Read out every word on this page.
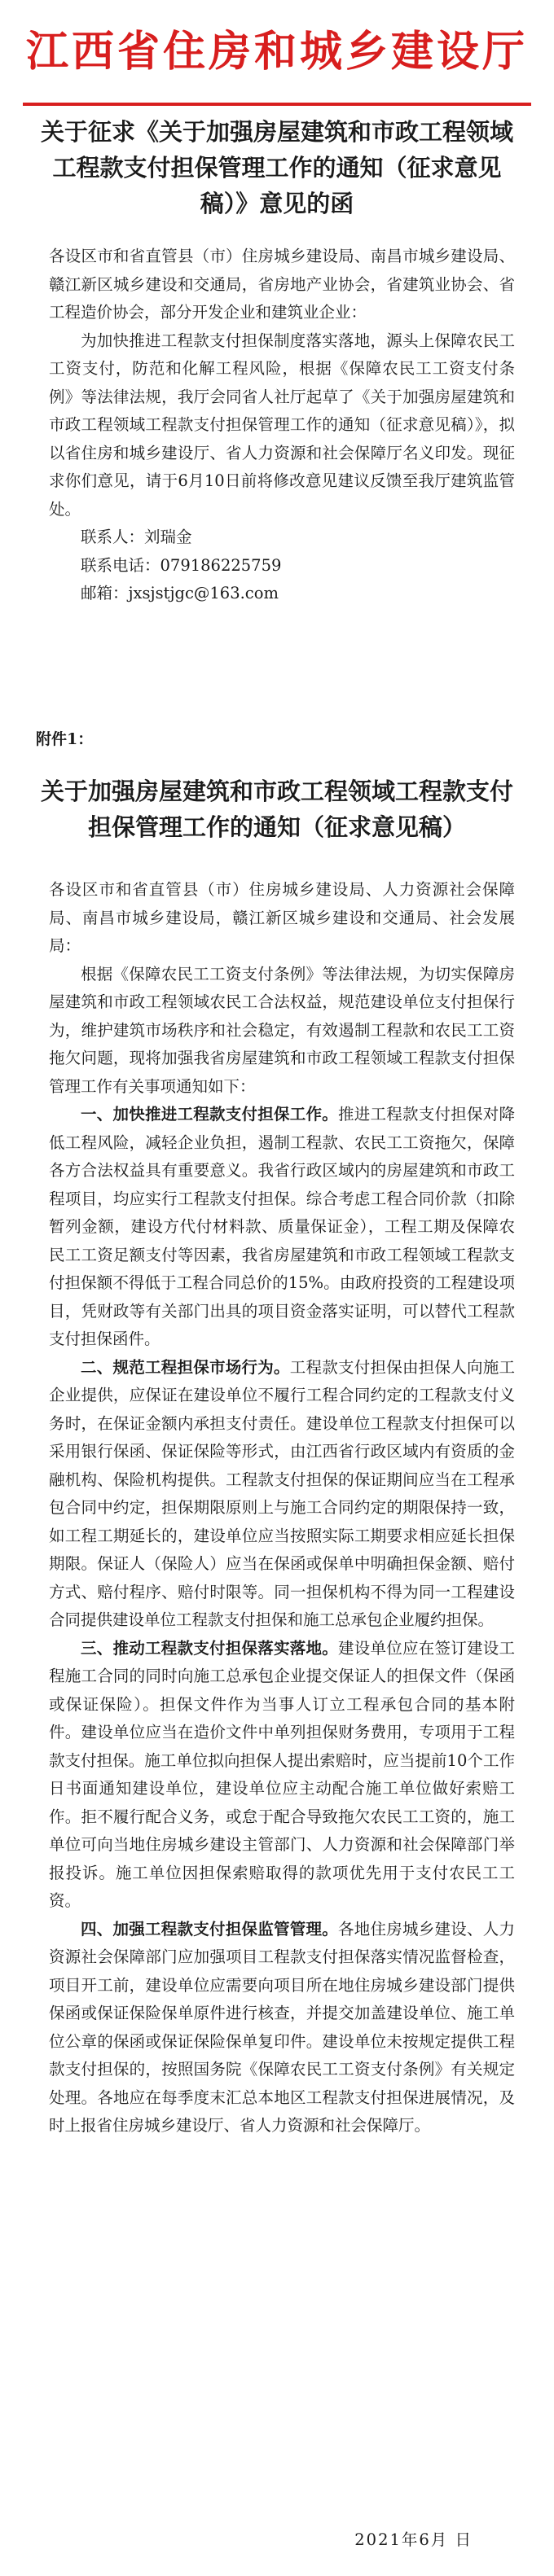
江西省住房和城乡建设厅
关于征求《关于加强房屋建筑和市政工程领域工程款支付担保管理工作的通知（征求意见稿）》意见的函

各设区市和省直管县（市）住房城乡建设局、南昌市城乡建设局、赣江新区城乡建设和交通局，省房地产业协会，省建筑业协会、省工程造价协会，部分开发企业和建筑业企业：

为加快推进工程款支付担保制度落实落地，源头上保障农民工工资支付，防范和化解工程风险，根据《保障农民工工资支付条例》等法律法规，我厅会同省人社厅起草了《关于加强房屋建筑和市政工程领域工程款支付担保管理工作的通知（征求意见稿）》，拟以省住房和城乡建设厅、省人力资源和社会保障厅名义印发。现征求你们意见，请于6月10日前将修改意见建议反馈至我厅建筑监管处。

联系人：刘瑞金

联系电话：079186225759

邮箱：jxsjstjgc@163.com

附件1：
关于加强房屋建筑和市政工程领域工程款支付担保管理工作的通知（征求意见稿）

各设区市和省直管县（市）住房城乡建设局、人力资源社会保障局、南昌市城乡建设局，赣江新区城乡建设和交通局、社会发展局：

根据《保障农民工工资支付条例》等法律法规，为切实保障房屋建筑和市政工程领域农民工合法权益，规范建设单位支付担保行为，维护建筑市场秩序和社会稳定，有效遏制工程款和农民工工资拖欠问题，现将加强我省房屋建筑和市政工程领域工程款支付担保管理工作有关事项通知如下：

一、加快推进工程款支付担保工作。推进工程款支付担保对降低工程风险，减轻企业负担，遏制工程款、农民工工资拖欠，保障各方合法权益具有重要意义。我省行政区域内的房屋建筑和市政工程项目，均应实行工程款支付担保。综合考虑工程合同价款（扣除暂列金额，建设方代付材料款、质量保证金），工程工期及保障农民工工资足额支付等因素，我省房屋建筑和市政工程领域工程款支付担保额不得低于工程合同总价的15%。由政府投资的工程建设项目，凭财政等有关部门出具的项目资金落实证明，可以替代工程款支付担保函件。

二、规范工程担保市场行为。工程款支付担保由担保人向施工企业提供，应保证在建设单位不履行工程合同约定的工程款支付义务时，在保证金额内承担支付责任。建设单位工程款支付担保可以采用银行保函、保证保险等形式，由江西省行政区域内有资质的金融机构、保险机构提供。工程款支付担保的保证期间应当在工程承包合同中约定，担保期限原则上与施工合同约定的期限保持一致，如工程工期延长的，建设单位应当按照实际工期要求相应延长担保期限。保证人（保险人）应当在保函或保单中明确担保金额、赔付方式、赔付程序、赔付时限等。同一担保机构不得为同一工程建设合同提供建设单位工程款支付担保和施工总承包企业履约担保。

三、推动工程款支付担保落实落地。建设单位应在签订建设工程施工合同的同时向施工总承包企业提交保证人的担保文件（保函或保证保险）。担保文件作为当事人订立工程承包合同的基本附件。建设单位应当在造价文件中单列担保财务费用，专项用于工程款支付担保。施工单位拟向担保人提出索赔时，应当提前10个工作日书面通知建设单位，建设单位应主动配合施工单位做好索赔工作。拒不履行配合义务，或怠于配合导致拖欠农民工工资的，施工单位可向当地住房城乡建设主管部门、人力资源和社会保障部门举报投诉。施工单位因担保索赔取得的款项优先用于支付农民工工资。

四、加强工程款支付担保监管管理。各地住房城乡建设、人力资源社会保障部门应加强项目工程款支付担保落实情况监督检查，项目开工前，建设单位应需要向项目所在地住房城乡建设部门提供保函或保证保险保单原件进行核查，并提交加盖建设单位、施工单位公章的保函或保证保险保单复印件。建设单位未按规定提供工程款支付担保的，按照国务院《保障农民工工资支付条例》有关规定处理。各地应在每季度末汇总本地区工程款支付担保进展情况，及时上报省住房城乡建设厅、省人力资源和社会保障厅。

2021年6月 日
